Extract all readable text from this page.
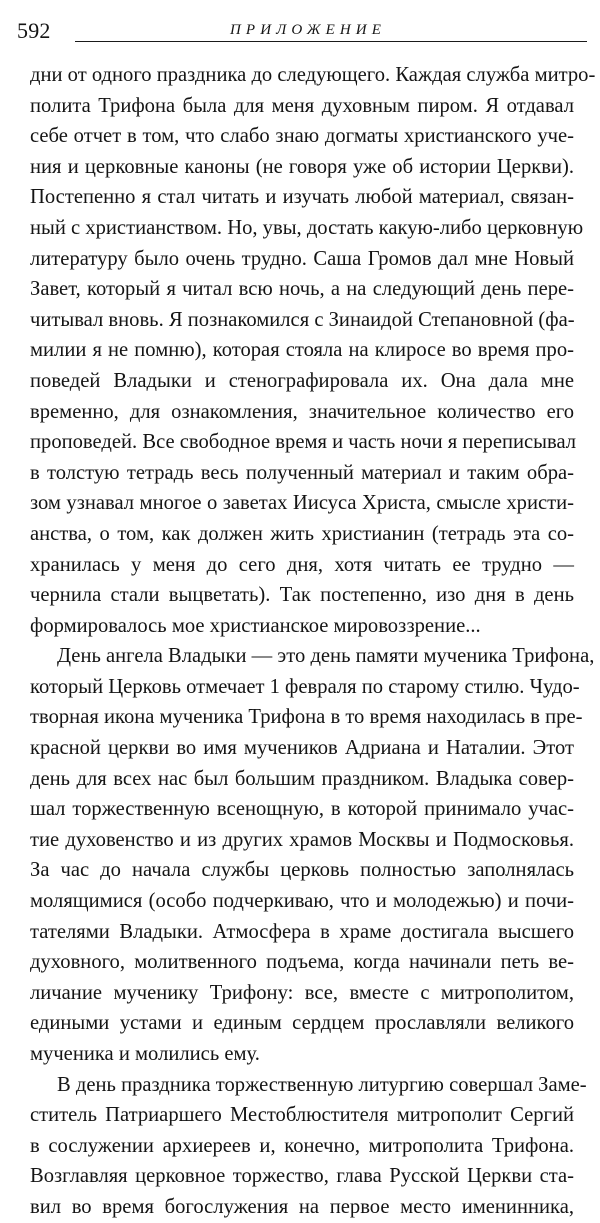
592	ПРИЛОЖЕНИЕ
дни от одного праздника до следующего. Каждая служба митро-
полита Трифона была для меня духовным пиром. Я отдавал
себе отчет в том, что слабо знаю догматы христианского уче-
ния и церковные каноны (не говоря уже об истории Церкви).
Постепенно я стал читать и изучать любой материал, связан-
ный с христианством. Но, увы, достать какую-либо церковную
литературу было очень трудно. Саша Громов дал мне Новый
Завет, который я читал всю ночь, а на следующий день пере-
читывал вновь. Я познакомился с Зинаидой Степановной (фа-
милии я не помню), которая стояла на клиросе во время про-
поведей Владыки и стенографировала их. Она дала мне
временно, для ознакомления, значительное количество его
проповедей. Все свободное время и часть ночи я переписывал
в толстую тетрадь весь полученный материал и таким обра-
зом узнавал многое о заветах Иисуса Христа, смысле христи-
анства, о том, как должен жить христианин (тетрадь эта со-
хранилась у меня до сего дня, хотя читать ее трудно —
чернила стали выцветать). Так постепенно, изо дня в день
формировалось мое христианское мировоззрение...
День ангела Владыки — это день памяти мученика Трифона,
который Церковь отмечает 1 февраля по старому стилю. Чудо-
творная икона мученика Трифона в то время находилась в пре-
красной церкви во имя мучеников Адриана и Наталии. Этот
день для всех нас был большим праздником. Владыка совер-
шал торжественную всенощную, в которой принимало учас-
тие духовенство и из других храмов Москвы и Подмосковья.
За час до начала службы церковь полностью заполнялась
молящимися (особо подчеркиваю, что и молодежью) и почи-
тателями Владыки. Атмосфера в храме достигала высшего
духовного, молитвенного подъема, когда начинали петь ве-
личание мученику Трифону: все, вместе с митрополитом,
едиными устами и единым сердцем прославляли великого
мученика и молились ему.
В день праздника торжественную литургию совершал Заме-
ститель Патриаршего Местоблюстителя митрополит Сергий
в сослужении архиереев и, конечно, митрополита Трифона.
Возглавляя церковное торжество, глава Русской Церкви ста-
вил во время богослужения на первое место именинника,
